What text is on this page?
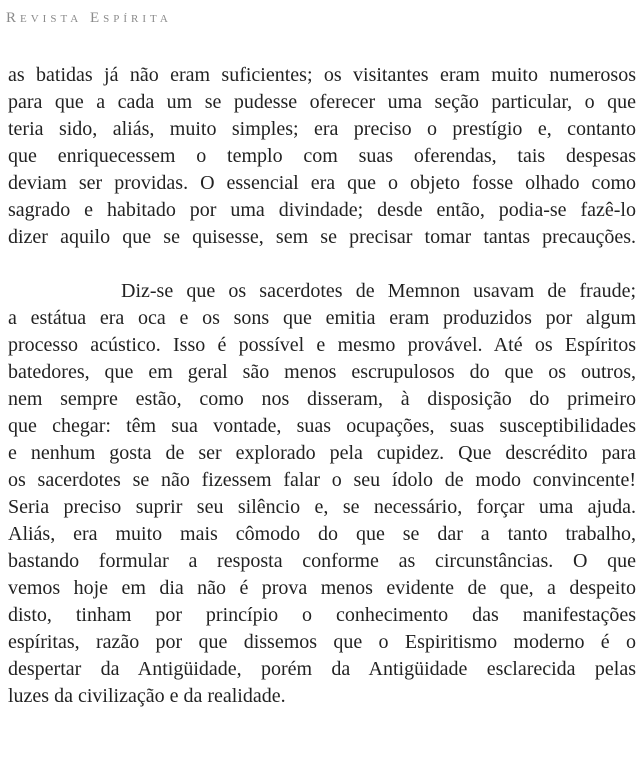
Revista Espírita
as batidas já não eram suficientes; os visitantes eram muito numerosos
para que a cada um se pudesse oferecer uma seção particular, o que
teria sido, aliás, muito simples; era preciso o prestígio e, contanto
que enriquecessem o templo com suas oferendas, tais despesas
deviam ser providas. O essencial era que o objeto fosse olhado como
sagrado e habitado por uma divindade; desde então, podia-se fazê-lo
dizer aquilo que se quisesse, sem se precisar tomar tantas precauções.
Diz-se que os sacerdotes de Memnon usavam de fraude;
a estátua era oca e os sons que emitia eram produzidos por algum
processo acústico. Isso é possível e mesmo provável. Até os Espíritos
batedores, que em geral são menos escrupulosos do que os outros,
nem sempre estão, como nos disseram, à disposição do primeiro
que chegar: têm sua vontade, suas ocupações, suas susceptibilidades
e nenhum gosta de ser explorado pela cupidez. Que descrédito para
os sacerdotes se não fizessem falar o seu ídolo de modo convincente!
Seria preciso suprir seu silêncio e, se necessário, forçar uma ajuda.
Aliás, era muito mais cômodo do que se dar a tanto trabalho,
bastando formular a resposta conforme as circunstâncias. O que
vemos hoje em dia não é prova menos evidente de que, a despeito
disto, tinham por princípio o conhecimento das manifestações
espíritas, razão por que dissemos que o Espiritismo moderno é o
despertar da Antigüidade, porém da Antigüidade esclarecida pelas
luzes da civilização e da realidade.
